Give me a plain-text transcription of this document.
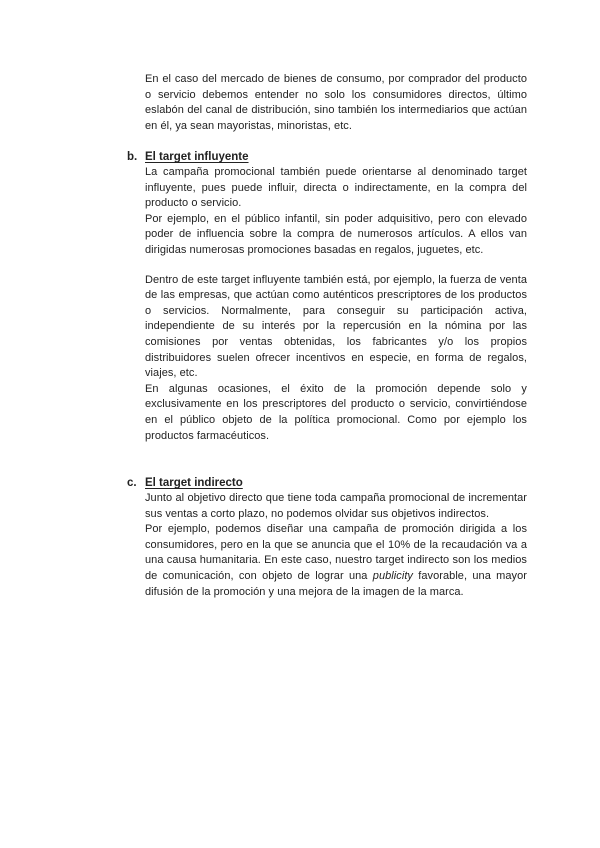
En el caso del mercado de bienes de consumo, por comprador del producto o servicio debemos entender no solo los consumidores directos, último eslabón del canal de distribución, sino también los intermediarios que actúan en él, ya sean mayoristas, minoristas, etc.

b. El target influyente

La campaña promocional también puede orientarse al denominado target influyente, pues puede influir, directa o indirectamente, en la compra del producto o servicio.

Por ejemplo, en el público infantil, sin poder adquisitivo, pero con elevado poder de influencia sobre la compra de numerosos artículos. A ellos van dirigidas numerosas promociones basadas en regalos, juguetes, etc.

Dentro de este target influyente también está, por ejemplo, la fuerza de venta de las empresas, que actúan como auténticos prescriptores de los productos o servicios. Normalmente, para conseguir su participación activa, independiente de su interés por la repercusión en la nómina por las comisiones por ventas obtenidas, los fabricantes y/o los propios distribuidores suelen ofrecer incentivos en especie, en forma de regalos, viajes, etc.

En algunas ocasiones, el éxito de la promoción depende solo y exclusivamente en los prescriptores del producto o servicio, convirtiéndose en el público objeto de la política promocional. Como por ejemplo los productos farmacéuticos.

c. El target indirecto

Junto al objetivo directo que tiene toda campaña promocional de incrementar sus ventas a corto plazo, no podemos olvidar sus objetivos indirectos.

Por ejemplo, podemos diseñar una campaña de promoción dirigida a los consumidores, pero en la que se anuncia que el 10% de la recaudación va a una causa humanitaria. En este caso, nuestro target indirecto son los medios de comunicación, con objeto de lograr una publicity favorable, una mayor difusión de la promoción y una mejora de la imagen de la marca.
